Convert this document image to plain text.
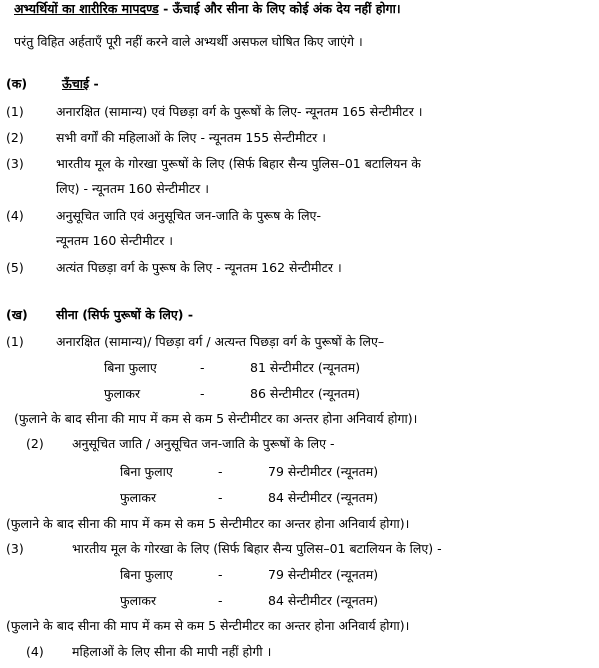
अभ्यर्थियों का शारीरिक मापदण्ड - ऊँचाई और सीना के लिए कोई अंक देय नहीं होगा।
परंतु विहित अर्हताएँ पूरी नहीं करने वाले अभ्यर्थी असफल घोषित किए जाएंगे ।
(क)	ऊँचाई -
(1)	अनारक्षित (सामान्य) एवं पिछड़ा वर्ग के पुरूषों के लिए- न्यूनतम 165 सेन्टीमीटर ।
(2)	सभी वर्गों की महिलाओं के लिए - न्यूनतम 155 सेन्टीमीटर ।
(3)	भारतीय मूल के गोरखा पुरूषों के लिए (सिर्फ बिहार सैन्य पुलिस–01 बटालियन के
लिए) - न्यूनतम 160 सेन्टीमीटर ।
(4)	अनुसूचित जाति एवं अनुसूचित जन-जाति के पुरूष के लिए-
न्यूनतम 160 सेन्टीमीटर ।
(5)	अत्यंत पिछड़ा वर्ग के पुरूष के लिए - न्यूनतम 162 सेन्टीमीटर ।
(ख) सीना (सिर्फ पुरूषों के लिए) -
(1)	अनारक्षित (सामान्य)/ पिछड़ा वर्ग / अत्यन्त पिछड़ा वर्ग के पुरूषों के लिए–
बिना फुलाए	-	81 सेन्टीमीटर (न्यूनतम)
फुलाकर	-	86 सेन्टीमीटर (न्यूनतम)
(फुलाने के बाद सीना की माप में कम से कम 5 सेन्टीमीटर का अन्तर होना अनिवार्य होगा)।
(2) अनुसूचित जाति / अनुसूचित जन-जाति के पुरूषों के लिए -
बिना फुलाए	-	79 सेन्टीमीटर (न्यूनतम)
फुलाकर	-	84 सेन्टीमीटर (न्यूनतम)
(फुलाने के बाद सीना की माप में कम से कम 5 सेन्टीमीटर का अन्तर होना अनिवार्य होगा)।
(3)	भारतीय मूल के गोरखा के लिए (सिर्फ बिहार सैन्य पुलिस–01 बटालियन के लिए) -
बिना फुलाए	-	79 सेन्टीमीटर (न्यूनतम)
फुलाकर	-	84 सेन्टीमीटर (न्यूनतम)
(फुलाने के बाद सीना की माप में कम से कम 5 सेन्टीमीटर का अन्तर होना अनिवार्य होगा)।
(4) महिलाओं के लिए सीना की मापी नहीं होगी ।
